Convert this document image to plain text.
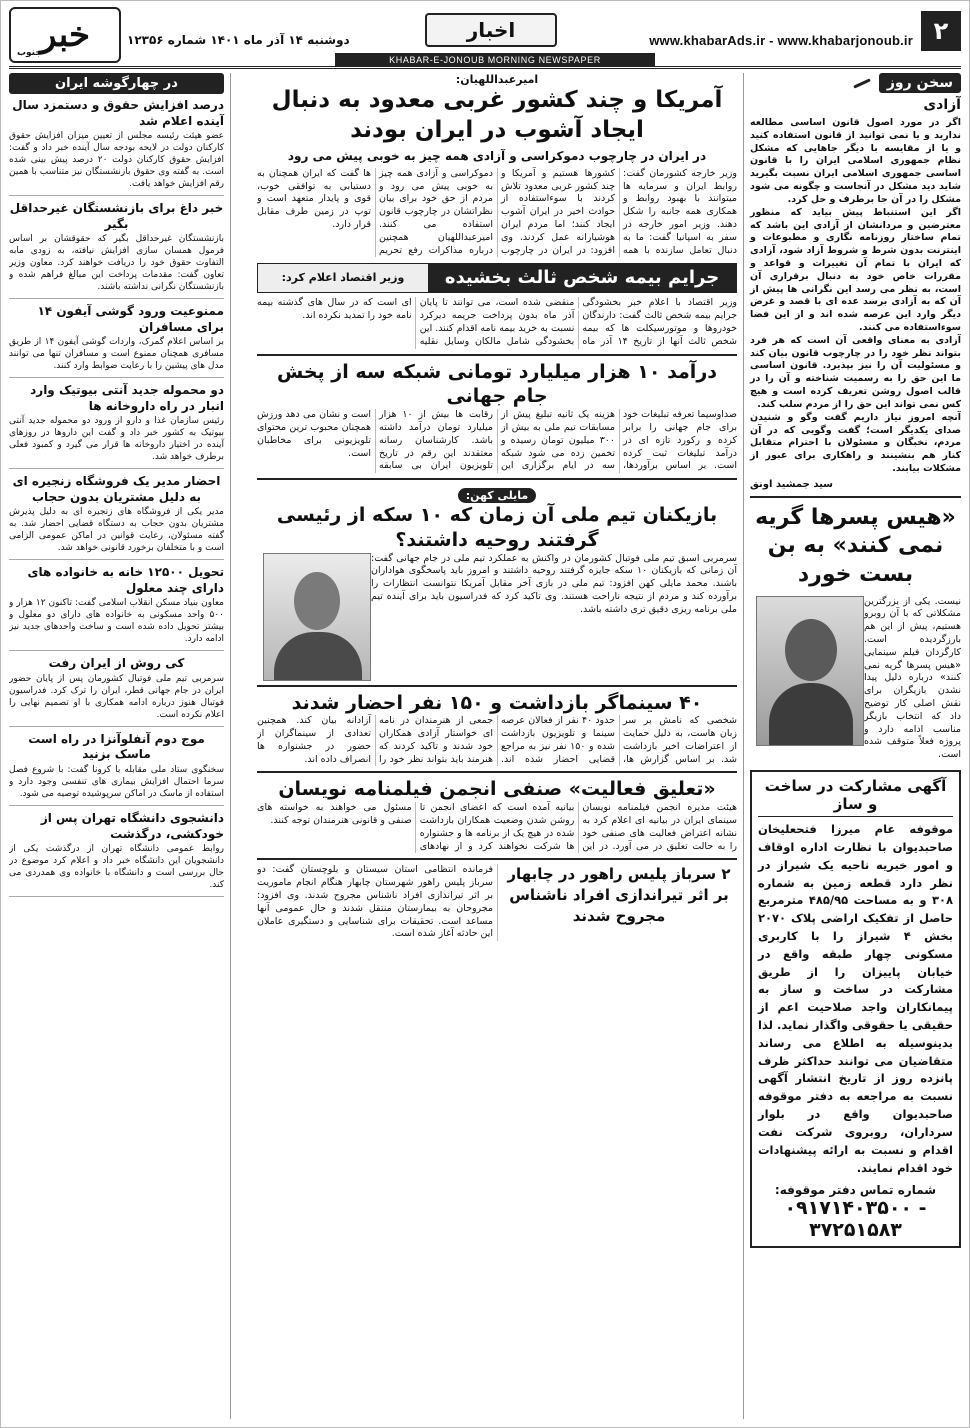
۲
www.khabarAds.ir - www.khabarjonoub.ir
اخبار
KHABAR-E-JONOUB MORNING NEWSPAPER
دوشنبه ۱۴ آذر ماه ۱۴۰۱ شماره ۱۲۳۵۶
خبر
جنوب
سخن روز
آزادی

اگر در مورد اصول قانون اساسی مطالعه ندارید و یا نمی توانید از قانون استفاده کنید و یا از مقایسه با دیگر جاهایی که مشکل نظام جمهوری اسلامی ایران را با قانون اساسی جمهوری اسلامی ایران نسبت بگیرید شاید دید مشکل در آنجاست و چگونه می شود مشکل را در آن جا برطرف و حل کرد.

اگر این استنباط پیش بیاید که منظور معترضین و مردانشان از آزادی این باشد که تمام ساختار روزنامه نگاری و مطبوعات و اینترنت بدون شرط و شروط آزاد شود، آزادی که ایران با تمام آن تغییرات و قواعد و مقررات خاص خود به دنبال برقراری آن است، به نظر می رسد این نگرانی ها پیش از آن که به آزادی برسد عده ای با قصد و غرض دیگر وارد این عرصه شده اند و از این فضا سوءاستفاده می کنند.

آزادی به معنای واقعی آن است که هر فرد بتواند نظر خود را در چارچوب قانون بیان کند و مسئولیت آن را نیز بپذیرد. قانون اساسی ما این حق را به رسمیت شناخته و آن را در قالب اصول روشن تعریف کرده است و هیچ کس نمی تواند این حق را از مردم سلب کند.

آنچه امروز نیاز داریم گفت وگو و شنیدن صدای یکدیگر است؛ گفت وگویی که در آن مردم، نخبگان و مسئولان با احترام متقابل کنار هم بنشینند و راهکاری برای عبور از مشکلات بیابند.

سید جمشید اونق
«هیس پسرها گریه نمی کنند» به بن بست خورد

نیست. یکی از بزرگترین مشکلاتی که با آن روبرو هستیم، پیش از این هم بارزگردیده است. کارگردان فیلم سینمایی «هیس پسرها گریه نمی کنند» درباره دلیل پیدا نشدن بازیگران برای نقش اصلی کار توضیح داد که انتخاب بازیگر مناسب ادامه دارد و پروژه فعلاً متوقف شده است.

آگهی مشارکت در ساخت و ساز

موقوفه عام میرزا فتحعلیخان صاحبدیوان با نظارت اداره اوقاف و امور خیریه ناحیه یک شیراز در نظر دارد قطعه زمین به شماره ۳۰۸ و به مساحت ۴۸۵/۹۵ مترمربع حاصل از تفکیک اراضی پلاک ۲۰۷۰ بخش ۴ شیراز را با کاربری مسکونی چهار طبقه واقع در خیابان پاییزان را از طریق مشارکت در ساخت و ساز به پیمانکاران واجد صلاحیت اعم از حقیقی یا حقوقی واگذار نماید. لذا بدینوسیله به اطلاع می رساند متقاضیان می توانند حداکثر ظرف پانزده روز از تاریخ انتشار آگهی نسبت به مراجعه به دفتر موقوفه صاحبدیوان واقع در بلوار سرداران، روبروی شرکت نفت اقدام و نسبت به ارائه پیشنهادات خود اقدام نمایند.

شماره تماس دفتر موقوفه:
۰۹۱۷۱۴۰۳۵۰۰ - ۳۷۲۵۱۵۸۳
امیرعبداللهیان:
آمریکا و چند کشور غربی معدود به دنبال ایجاد آشوب در ایران بودند
در ایران در چارچوب دموکراسی و آزادی همه چیز به خوبی پیش می رود
وزیر خارجه کشورمان گفت: روابط ایران و سرمایه ها میتوانند با بهبود روابط و همکاری همه جانبه را شکل دهند. وزیر امور خارجه در سفر به اسپانیا گفت: ما به دنبال تعامل سازنده با همه کشورها هستیم و آمریکا و چند کشور غربی معدود تلاش کردند با سوءاستفاده از حوادث اخیر در ایران آشوب ایجاد کنند؛ اما مردم ایران هوشیارانه عمل کردند. وی افزود: در ایران در چارچوب دموکراسی و آزادی همه چیز به خوبی پیش می رود و مردم از حق خود برای بیان نظراتشان در چارچوب قانون استفاده می کنند. امیرعبداللهیان همچنین درباره مذاکرات رفع تحریم ها گفت که ایران همچنان به دستیابی به توافقی خوب، قوی و پایدار متعهد است و توپ در زمین طرف مقابل قرار دارد.
جرایم بیمه شخص ثالث بخشیده شد
وزیر اقتصاد اعلام کرد:
وزیر اقتصاد با اعلام خبر بخشودگی جرایم بیمه شخص ثالث گفت: دارندگان خودروها و موتورسیکلت ها که بیمه شخص ثالث آنها از تاریخ ۱۴ آذر ماه منقضی شده است، می توانند تا پایان آذر ماه بدون پرداخت جریمه دیرکرد نسبت به خرید بیمه نامه اقدام کنند. این بخشودگی شامل مالکان وسایل نقلیه ای است که در سال های گذشته بیمه نامه خود را تمدید نکرده اند.
درآمد ۱۰ هزار میلیارد تومانی شبکه سه از پخش جام جهانی
صداوسیما تعرفه تبلیغات خود برای جام جهانی را برابر کرده و رکورد تازه ای در درآمد تبلیغات ثبت کرده است. بر اساس برآوردها، هزینه یک ثانیه تبلیغ پیش از مسابقات تیم ملی به بیش از ۳۰۰ میلیون تومان رسیده و تخمین زده می شود شبکه سه در ایام برگزاری این رقابت ها بیش از ۱۰ هزار میلیارد تومان درآمد داشته باشد. کارشناسان رسانه معتقدند این رقم در تاریخ تلویزیون ایران بی سابقه است و نشان می دهد ورزش همچنان محبوب ترین محتوای تلویزیونی برای مخاطبان است.
مایلی کهن:
بازیکنان تیم ملی آن زمان که ۱۰ سکه از رئیسی گرفتند روحیه داشتند؟

سرمربی اسبق تیم ملی فوتبال کشورمان در واکنش به عملکرد تیم ملی در جام جهانی گفت: آن زمانی که بازیکنان ۱۰ سکه جایزه گرفتند روحیه داشتند و امروز باید پاسخگوی هواداران باشند. محمد مایلی کهن افزود: تیم ملی در بازی آخر مقابل آمریکا نتوانست انتظارات را برآورده کند و مردم از نتیجه ناراحت هستند. وی تاکید کرد که فدراسیون باید برای آینده تیم ملی برنامه ریزی دقیق تری داشته باشد.

۴۰ سینماگر بازداشت و ۱۵۰ نفر احضار شدند
شخصی که نامش بر سر زبان هاست، به دلیل حمایت از اعتراضات اخیر بازداشت شد. بر اساس گزارش ها، حدود ۴۰ نفر از فعالان عرصه سینما و تلویزیون بازداشت شده و ۱۵۰ نفر نیز به مراجع قضایی احضار شده اند. جمعی از هنرمندان در نامه ای خواستار آزادی همکاران خود شدند و تاکید کردند که هنرمند باید بتواند نظر خود را آزادانه بیان کند. همچنین تعدادی از سینماگران از حضور در جشنواره ها انصراف داده اند.
«تعلیق فعالیت» صنفی انجمن فیلمنامه نویسان
هیئت مدیره انجمن فیلمنامه نویسان سینمای ایران در بیانیه ای اعلام کرد به نشانه اعتراض فعالیت های صنفی خود را به حالت تعلیق در می آورد. در این بیانیه آمده است که اعضای انجمن تا روشن شدن وضعیت همکاران بازداشت شده در هیچ یک از برنامه ها و جشنواره ها شرکت نخواهند کرد و از نهادهای مسئول می خواهند به خواسته های صنفی و قانونی هنرمندان توجه کنند.
۲ سرباز پلیس راهور در چابهار بر اثر تیراندازی افراد ناشناس مجروح شدند

فرمانده انتظامی استان سیستان و بلوچستان گفت: دو سرباز پلیس راهور شهرستان چابهار هنگام انجام ماموریت بر اثر تیراندازی افراد ناشناس مجروح شدند. وی افزود: مجروحان به بیمارستان منتقل شدند و حال عمومی آنها مساعد است. تحقیقات برای شناسایی و دستگیری عاملان این حادثه آغاز شده است.

در چهارگوشه ایران
درصد افزایش حقوق و دستمزد سال آینده اعلام شد

عضو هیئت رئیسه مجلس از تعیین میزان افزایش حقوق کارکنان دولت در لایحه بودجه سال آینده خبر داد و گفت: افزایش حقوق کارکنان دولت ۲۰ درصد پیش بینی شده است. به گفته وی حقوق بازنشستگان نیز متناسب با همین رقم افزایش خواهد یافت.

خبر داغ برای بازنشستگان غیرحداقل بگیر

بازنشستگان غیرحداقل بگیر که حقوقشان بر اساس فرمول همسان سازی افزایش نیافته، به زودی مابه التفاوت حقوق خود را دریافت خواهند کرد. معاون وزیر تعاون گفت: مقدمات پرداخت این مبالغ فراهم شده و بازنشستگان نگرانی نداشته باشند.

ممنوعیت ورود گوشی آیفون ۱۴ برای مسافران

بر اساس اعلام گمرک، واردات گوشی آیفون ۱۴ از طریق مسافری همچنان ممنوع است و مسافران تنها می توانند مدل های پیشین را با رعایت ضوابط وارد کنند.

دو محموله جدید آنتی بیوتیک وارد انبار در راه داروخانه ها

رئیس سازمان غذا و دارو از ورود دو محموله جدید آنتی بیوتیک به کشور خبر داد و گفت این داروها در روزهای آینده در اختیار داروخانه ها قرار می گیرد و کمبود فعلی برطرف خواهد شد.

احضار مدیر یک فروشگاه زنجیره ای به دلیل مشتریان بدون حجاب

مدیر یکی از فروشگاه های زنجیره ای به دلیل پذیرش مشتریان بدون حجاب به دستگاه قضایی احضار شد. به گفته مسئولان، رعایت قوانین در اماکن عمومی الزامی است و با متخلفان برخورد قانونی خواهد شد.

تحویل ۱۲۵۰۰ خانه به خانواده های دارای چند معلول

معاون بنیاد مسکن انقلاب اسلامی گفت: تاکنون ۱۲ هزار و ۵۰۰ واحد مسکونی به خانواده های دارای دو معلول و بیشتر تحویل داده شده است و ساخت واحدهای جدید نیز ادامه دارد.

کی روش از ایران رفت

سرمربی تیم ملی فوتبال کشورمان پس از پایان حضور ایران در جام جهانی قطر، ایران را ترک کرد. فدراسیون فوتبال هنوز درباره ادامه همکاری با او تصمیم نهایی را اعلام نکرده است.

موج دوم آنفلوآنزا در راه است ماسک بزنید

سخنگوی ستاد ملی مقابله با کرونا گفت: با شروع فصل سرما احتمال افزایش بیماری های تنفسی وجود دارد و استفاده از ماسک در اماکن سرپوشیده توصیه می شود.

دانشجوی دانشگاه تهران پس از خودکشی، درگذشت

روابط عمومی دانشگاه تهران از درگذشت یکی از دانشجویان این دانشگاه خبر داد و اعلام کرد موضوع در حال بررسی است و دانشگاه با خانواده وی همدردی می کند.
